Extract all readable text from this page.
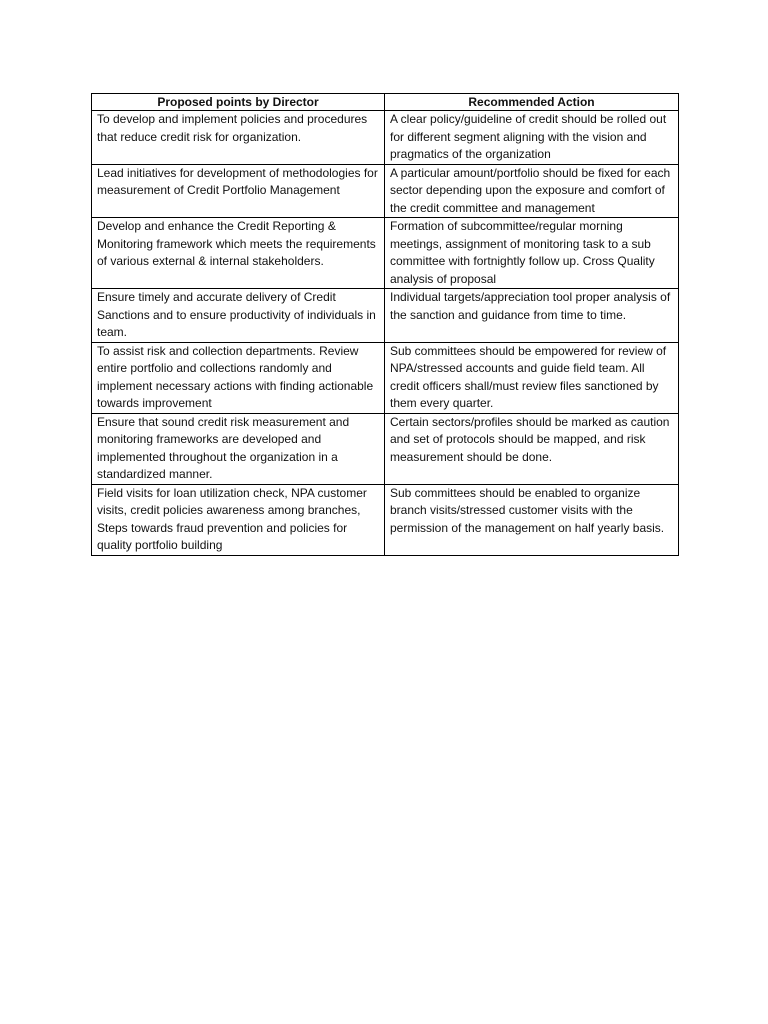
Proposed points by Director	Recommended Action
To develop and implement policies and procedures that reduce credit risk for organization.	A clear policy/guideline of credit should be rolled out for different segment aligning with the vision and pragmatics of the organization
Lead initiatives for development of methodologies for measurement of Credit Portfolio Management	A particular amount/portfolio should be fixed for each sector depending upon the exposure and comfort of the credit committee and management
Develop and enhance the Credit Reporting & Monitoring framework which meets the requirements of various external & internal stakeholders.	Formation of subcommittee/regular morning meetings, assignment of monitoring task to a sub committee with fortnightly follow up. Cross Quality analysis of proposal
Ensure timely and accurate delivery of Credit Sanctions and to ensure productivity of individuals in team.	Individual targets/appreciation tool proper analysis of the sanction and guidance from time to time.
To assist risk and collection departments. Review entire portfolio and collections randomly and implement necessary actions with finding actionable towards improvement	Sub committees should be empowered for review of NPA/stressed accounts and guide field team. All credit officers shall/must review files sanctioned by them every quarter.
Ensure that sound credit risk measurement and monitoring frameworks are developed and implemented throughout the organization in a standardized manner.	Certain sectors/profiles should be marked as caution and set of protocols should be mapped, and risk measurement should be done.
Field visits for loan utilization check, NPA customer visits, credit policies awareness among branches, Steps towards fraud prevention and policies for quality portfolio building	Sub committees should be enabled to organize branch visits/stressed customer visits with the permission of the management on half yearly basis.
